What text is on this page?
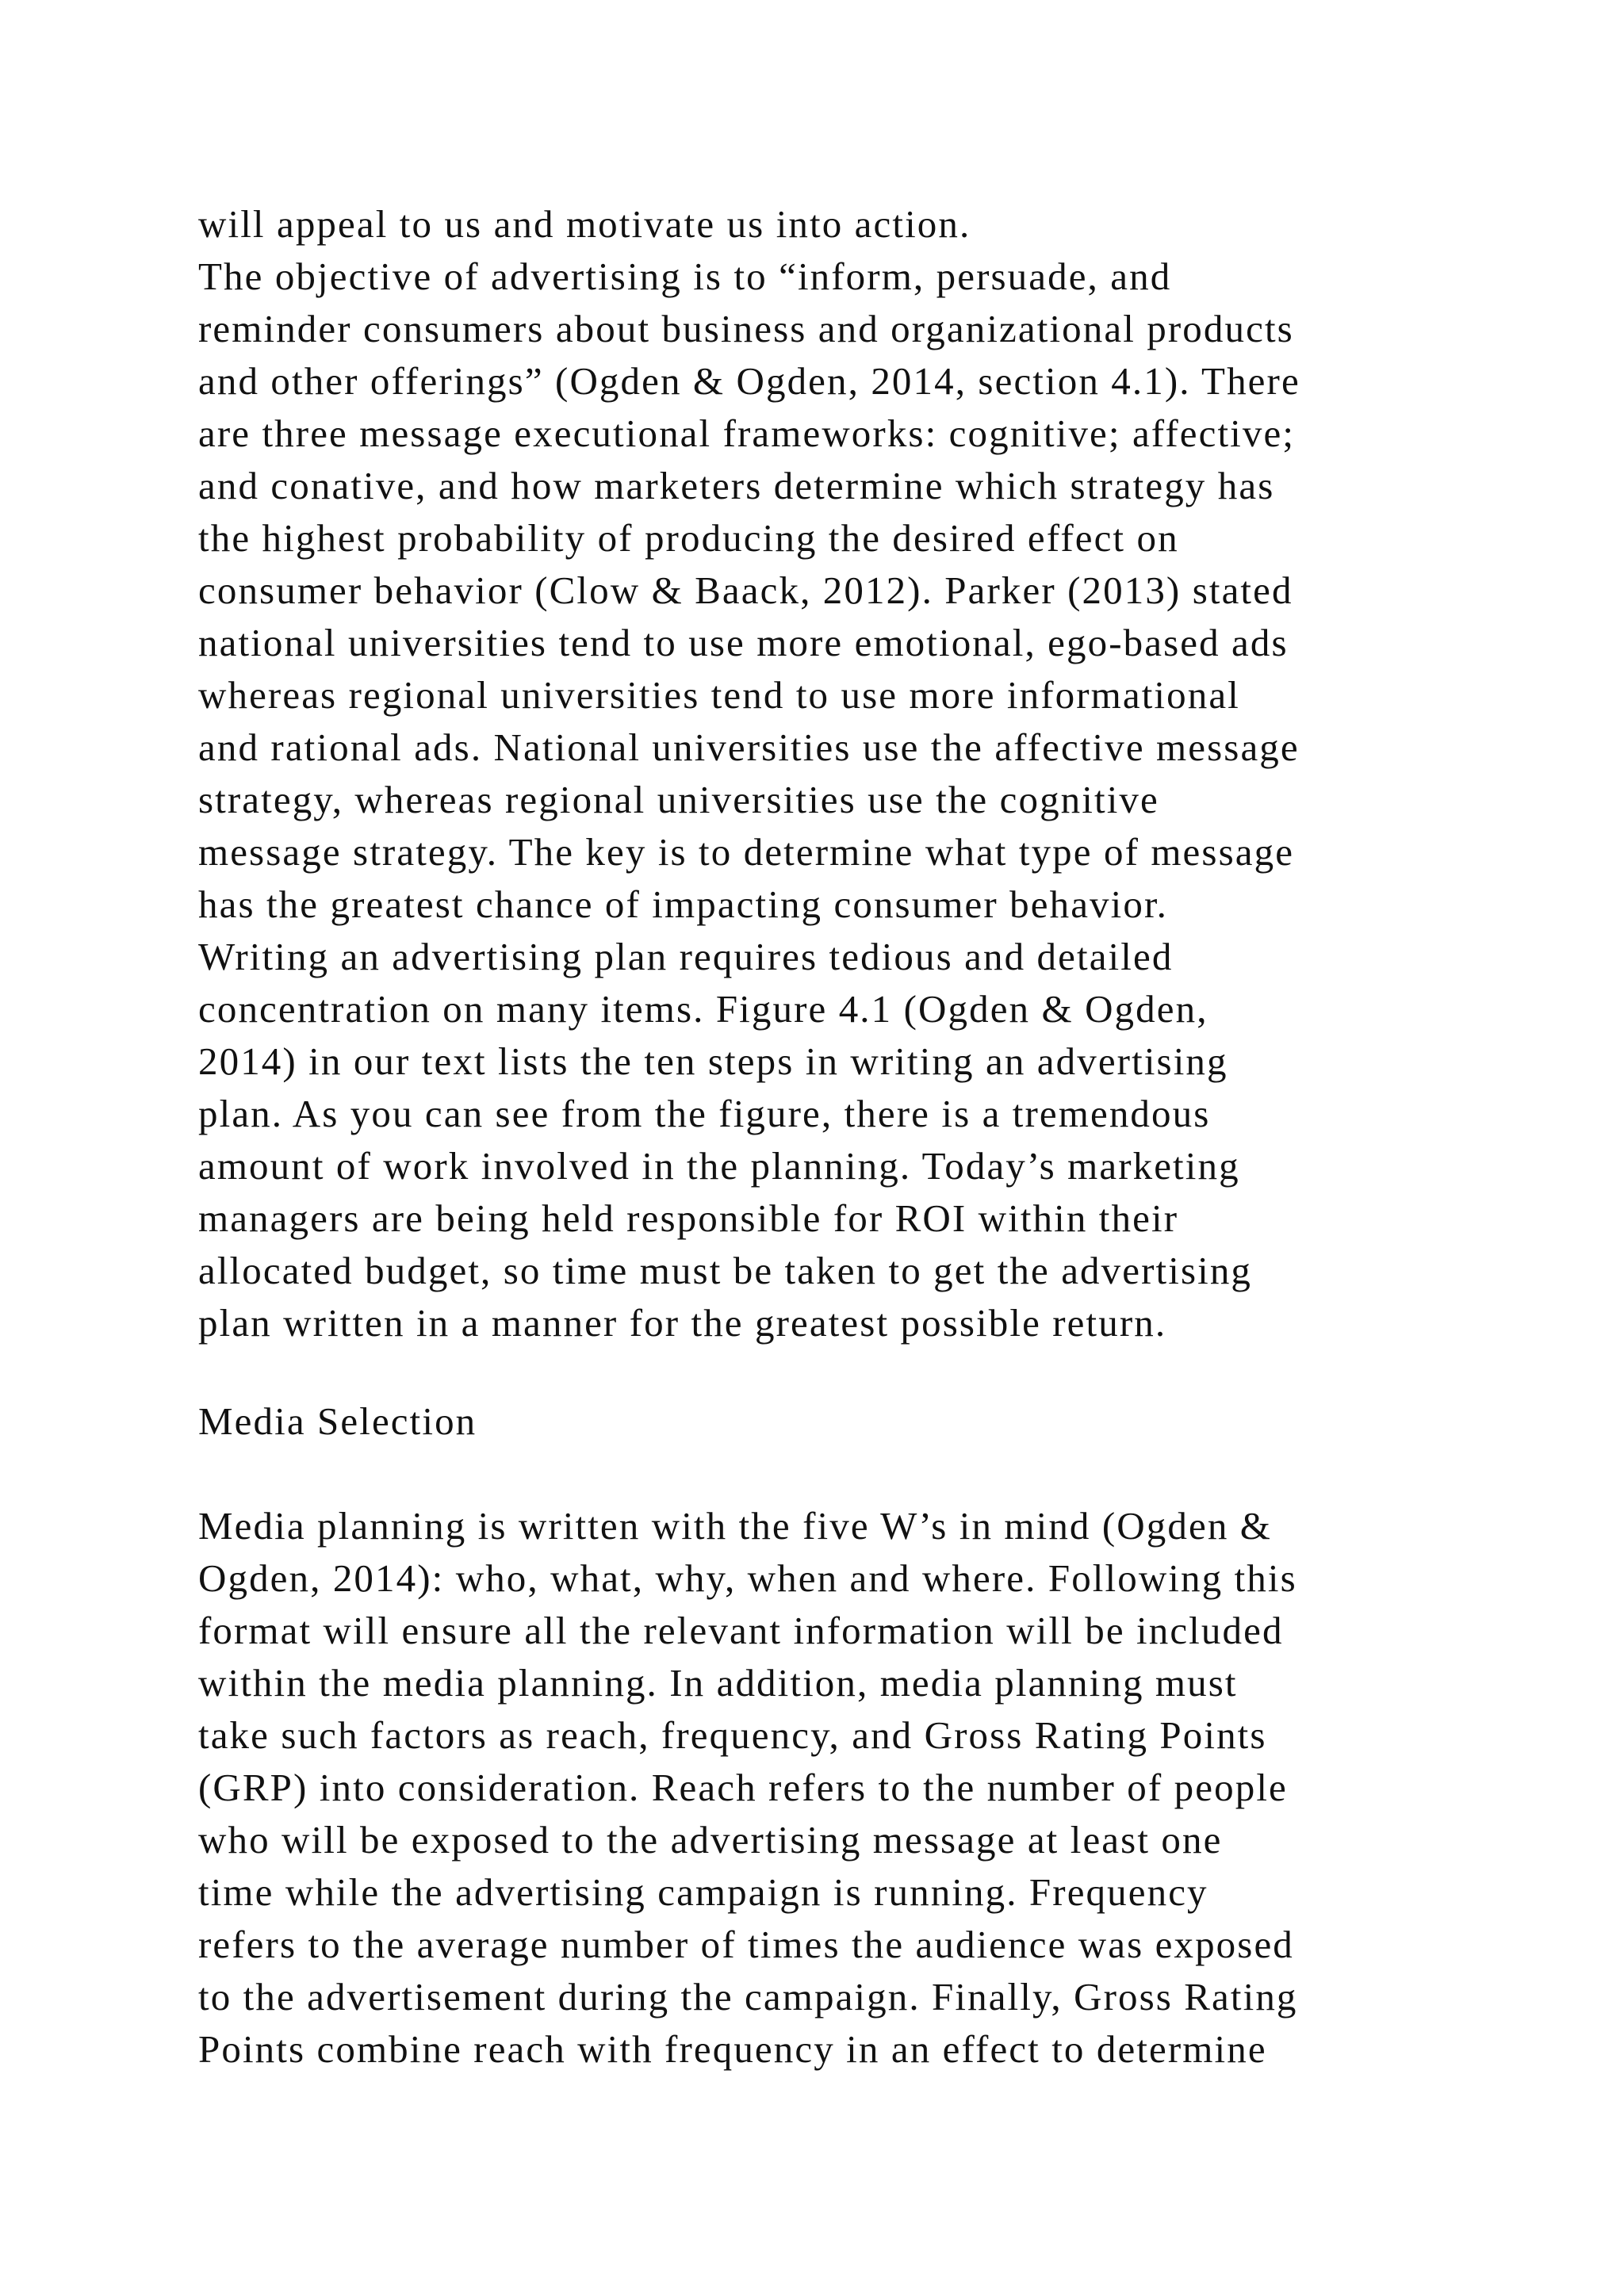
will appeal to us and motivate us into action.
The objective of advertising is to “inform, persuade, and
reminder consumers about business and organizational products
and other offerings” (Ogden & Ogden, 2014, section 4.1). There
are three message executional frameworks: cognitive; affective;
and conative, and how marketers determine which strategy has
the highest probability of producing the desired effect on
consumer behavior (Clow & Baack, 2012). Parker (2013) stated
national universities tend to use more emotional, ego-based ads
whereas regional universities tend to use more informational
and rational ads. National universities use the affective message
strategy, whereas regional universities use the cognitive
message strategy. The key is to determine what type of message
has the greatest chance of impacting consumer behavior.
Writing an advertising plan requires tedious and detailed
concentration on many items. Figure 4.1 (Ogden & Ogden,
2014) in our text lists the ten steps in writing an advertising
plan. As you can see from the figure, there is a tremendous
amount of work involved in the planning. Today’s marketing
managers are being held responsible for ROI within their
allocated budget, so time must be taken to get the advertising
plan written in a manner for the greatest possible return.
Media Selection
Media planning is written with the five W’s in mind (Ogden &
Ogden, 2014): who, what, why, when and where. Following this
format will ensure all the relevant information will be included
within the media planning. In addition, media planning must
take such factors as reach, frequency, and Gross Rating Points
(GRP) into consideration. Reach refers to the number of people
who will be exposed to the advertising message at least one
time while the advertising campaign is running. Frequency
refers to the average number of times the audience was exposed
to the advertisement during the campaign. Finally, Gross Rating
Points combine reach with frequency in an effect to determine
